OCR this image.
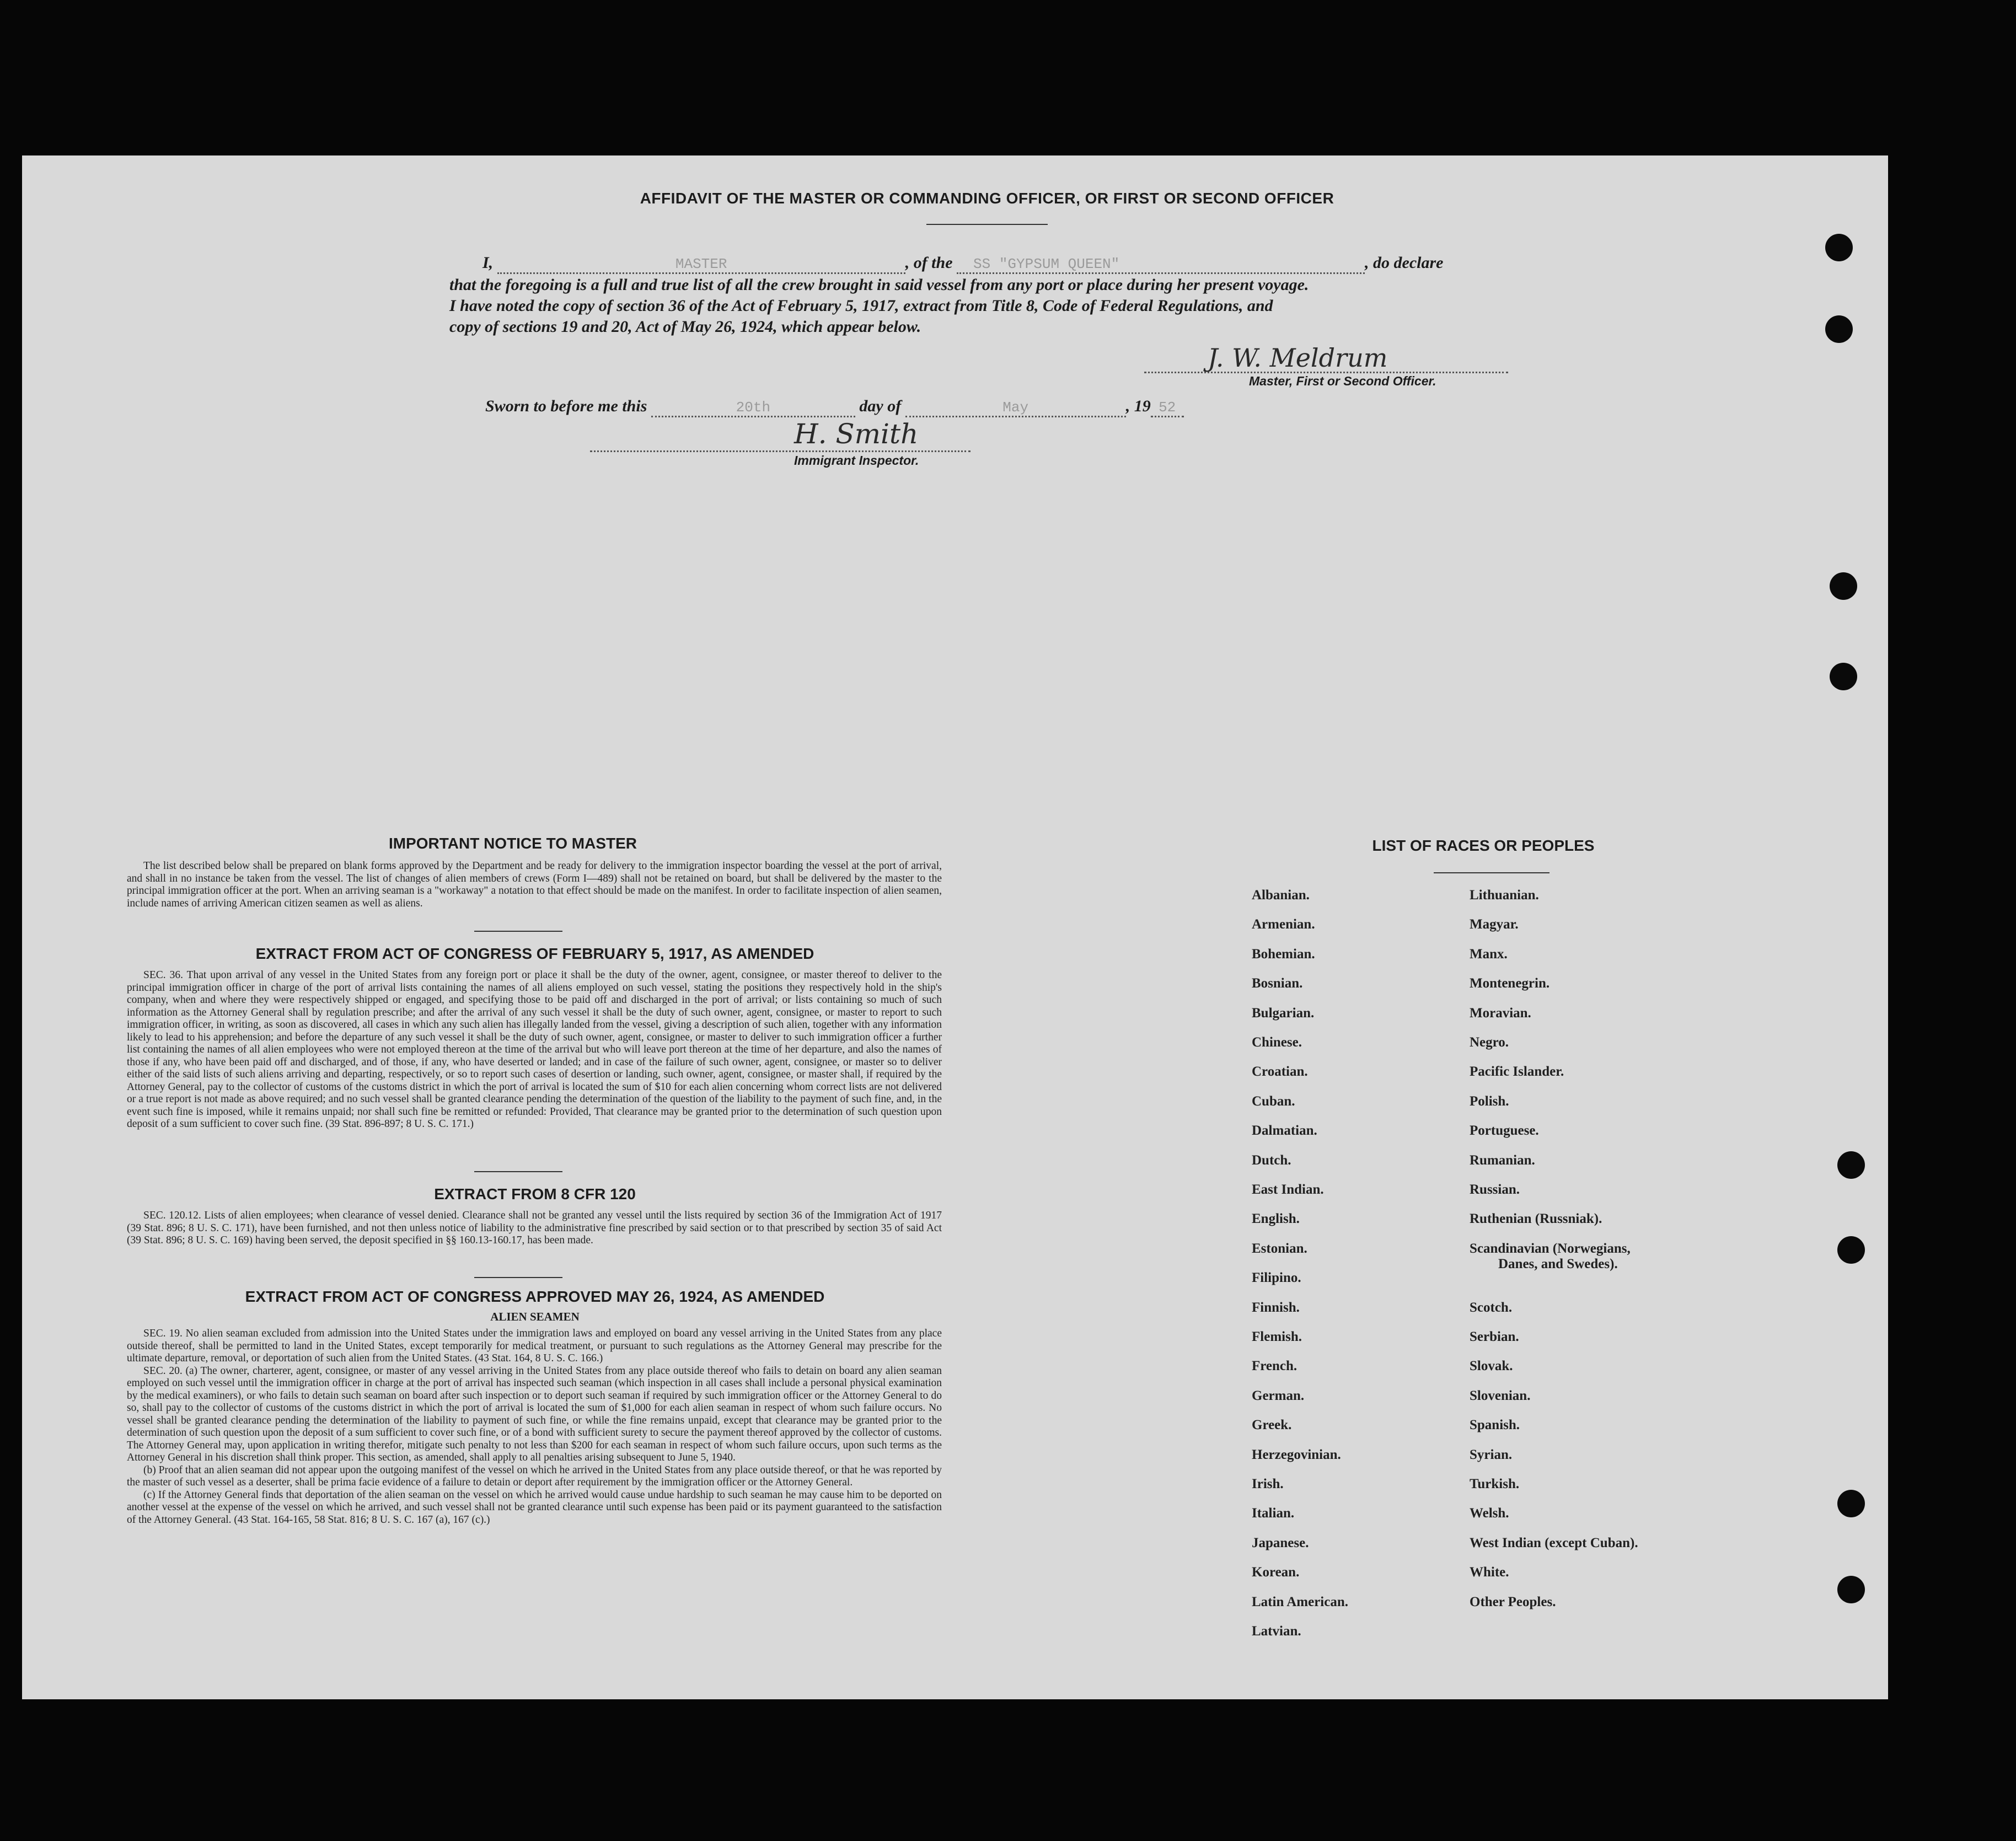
AFFIDAVIT OF THE MASTER OR COMMANDING OFFICER, OR FIRST OR SECOND OFFICER
I,	MASTER	, of the SS "GYPSUM QUEEN"	, do declare
that the foregoing is a full and true list of all the crew brought in said vessel from any port or place during her present voyage.
I have noted the copy of section 36 of the Act of February 5, 1917, extract from Title 8, Code of Federal Regulations, and
copy of sections 19 and 20, Act of May 26, 1924, which appear below.
J. W. Meldrum
Master, First or Second Officer.
Sworn to before me this	20th	day of	May	, 19 52
H. Smith
Immigrant Inspector.
IMPORTANT NOTICE TO MASTER

The list described below shall be prepared on blank forms approved by the Department and be ready for delivery to the immigration inspector boarding the vessel at the port of arrival, and shall in no instance be taken from the vessel. The list of changes of alien members of crews (Form I—489) shall not be retained on board, but shall be delivered by the master to the principal immigration officer at the port. When an arriving seaman is a "workaway" a notation to that effect should be made on the manifest. In order to facilitate inspection of alien seamen, include names of arriving American citizen seamen as well as aliens.

EXTRACT FROM ACT OF CONGRESS OF FEBRUARY 5, 1917, AS AMENDED

SEC. 36. That upon arrival of any vessel in the United States from any foreign port or place it shall be the duty of the owner, agent, consignee, or master thereof to deliver to the principal immigration officer in charge of the port of arrival lists containing the names of all aliens employed on such vessel, stating the positions they respectively hold in the ship's company, when and where they were respectively shipped or engaged, and specifying those to be paid off and discharged in the port of arrival; or lists containing so much of such information as the Attorney General shall by regulation prescribe; and after the arrival of any such vessel it shall be the duty of such owner, agent, consignee, or master to report to such immigration officer, in writing, as soon as discovered, all cases in which any such alien has illegally landed from the vessel, giving a description of such alien, together with any information likely to lead to his apprehension; and before the departure of any such vessel it shall be the duty of such owner, agent, consignee, or master to deliver to such immigration officer a further list containing the names of all alien employees who were not employed thereon at the time of the arrival but who will leave port thereon at the time of her departure, and also the names of those if any, who have been paid off and discharged, and of those, if any, who have deserted or landed; and in case of the failure of such owner, agent, consignee, or master so to deliver either of the said lists of such aliens arriving and departing, respectively, or so to report such cases of desertion or landing, such owner, agent, consignee, or master shall, if required by the Attorney General, pay to the collector of customs of the customs district in which the port of arrival is located the sum of $10 for each alien concerning whom correct lists are not delivered or a true report is not made as above required; and no such vessel shall be granted clearance pending the determination of the question of the liability to the payment of such fine, and, in the event such fine is imposed, while it remains unpaid; nor shall such fine be remitted or refunded: Provided, That clearance may be granted prior to the determination of such question upon deposit of a sum sufficient to cover such fine. (39 Stat. 896-897; 8 U. S. C. 171.)

EXTRACT FROM 8 CFR 120

SEC. 120.12. Lists of alien employees; when clearance of vessel denied. Clearance shall not be granted any vessel until the lists required by section 36 of the Immigration Act of 1917 (39 Stat. 896; 8 U. S. C. 171), have been furnished, and not then unless notice of liability to the administrative fine prescribed by said section or to that prescribed by section 35 of said Act (39 Stat. 896; 8 U. S. C. 169) having been served, the deposit specified in §§ 160.13-160.17, has been made.

EXTRACT FROM ACT OF CONGRESS APPROVED MAY 26, 1924, AS AMENDED
ALIEN SEAMEN

SEC. 19. No alien seaman excluded from admission into the United States under the immigration laws and employed on board any vessel arriving in the United States from any place outside thereof, shall be permitted to land in the United States, except temporarily for medical treatment, or pursuant to such regulations as the Attorney General may prescribe for the ultimate departure, removal, or deportation of such alien from the United States. (43 Stat. 164, 8 U. S. C. 166.)

SEC. 20. (a) The owner, charterer, agent, consignee, or master of any vessel arriving in the United States from any place outside thereof who fails to detain on board any alien seaman employed on such vessel until the immigration officer in charge at the port of arrival has inspected such seaman (which inspection in all cases shall include a personal physical examination by the medical examiners), or who fails to detain such seaman on board after such inspection or to deport such seaman if required by such immigration officer or the Attorney General to do so, shall pay to the collector of customs of the customs district in which the port of arrival is located the sum of $1,000 for each alien seaman in respect of whom such failure occurs. No vessel shall be granted clearance pending the determination of the liability to payment of such fine, or while the fine remains unpaid, except that clearance may be granted prior to the determination of such question upon the deposit of a sum sufficient to cover such fine, or of a bond with sufficient surety to secure the payment thereof approved by the collector of customs. The Attorney General may, upon application in writing therefor, mitigate such penalty to not less than $200 for each seaman in respect of whom such failure occurs, upon such terms as the Attorney General in his discretion shall think proper. This section, as amended, shall apply to all penalties arising subsequent to June 5, 1940.

(b) Proof that an alien seaman did not appear upon the outgoing manifest of the vessel on which he arrived in the United States from any place outside thereof, or that he was reported by the master of such vessel as a deserter, shall be prima facie evidence of a failure to detain or deport after requirement by the immigration officer or the Attorney General.

(c) If the Attorney General finds that deportation of the alien seaman on the vessel on which he arrived would cause undue hardship to such seaman he may cause him to be deported on another vessel at the expense of the vessel on which he arrived, and such vessel shall not be granted clearance until such expense has been paid or its payment guaranteed to the satisfaction of the Attorney General. (43 Stat. 164-165, 58 Stat. 816; 8 U. S. C. 167 (a), 167 (c).)

LIST OF RACES OR PEOPLES
Albanian.
Armenian.
Bohemian.
Bosnian.
Bulgarian.
Chinese.
Croatian.
Cuban.
Dalmatian.
Dutch.
East Indian.
English.
Estonian.
Filipino.
Finnish.
Flemish.
French.
German.
Greek.
Herzegovinian.
Irish.
Italian.
Japanese.
Korean.
Latin American.
Latvian.
Lithuanian.
Magyar.
Manx.
Montenegrin.
Moravian.
Negro.
Pacific Islander.
Polish.
Portuguese.
Rumanian.
Russian.
Ruthenian (Russniak).
Scandinavian (Norwegians,
Danes, and Swedes).
Scotch.
Serbian.
Slovak.
Slovenian.
Spanish.
Syrian.
Turkish.
Welsh.
West Indian (except Cuban).
White.
Other Peoples.
